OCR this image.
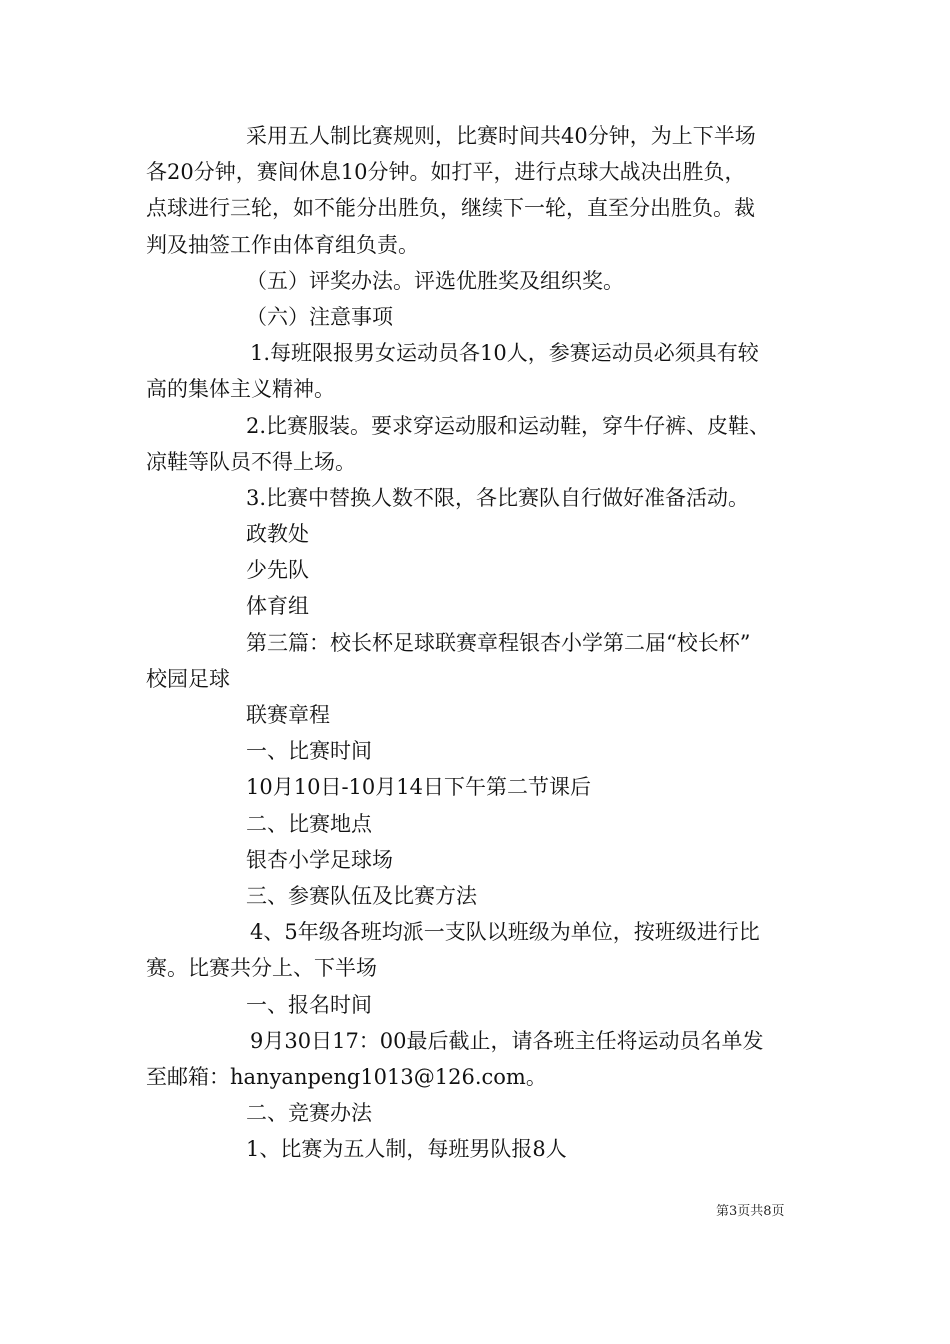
采用五人制比赛规则，比赛时间共40分钟，为上下半场
各20分钟，赛间休息10分钟。如打平，进行点球大战决出胜负，
点球进行三轮，如不能分出胜负，继续下一轮，直至分出胜负。裁
判及抽签工作由体育组负责。
（五）评奖办法。评选优胜奖及组织奖。
（六）注意事项
1.每班限报男女运动员各10人，参赛运动员必须具有较
高的集体主义精神。
2.比赛服装。要求穿运动服和运动鞋，穿牛仔裤、皮鞋、
凉鞋等队员不得上场。
3.比赛中替换人数不限，各比赛队自行做好准备活动。
政教处
少先队
体育组
第三篇：校长杯足球联赛章程银杏小学第二届“校长杯”
校园足球
联赛章程
一、比赛时间
10月10日-10月14日下午第二节课后
二、比赛地点
银杏小学足球场
三、参赛队伍及比赛方法
4、5年级各班均派一支队以班级为单位，按班级进行比
赛。比赛共分上、下半场
一、报名时间
9月30日17：00最后截止，请各班主任将运动员名单发
至邮箱：hanyanpeng1013@126.com。
二、竞赛办法
1、比赛为五人制，每班男队报8人
第3页共8页
